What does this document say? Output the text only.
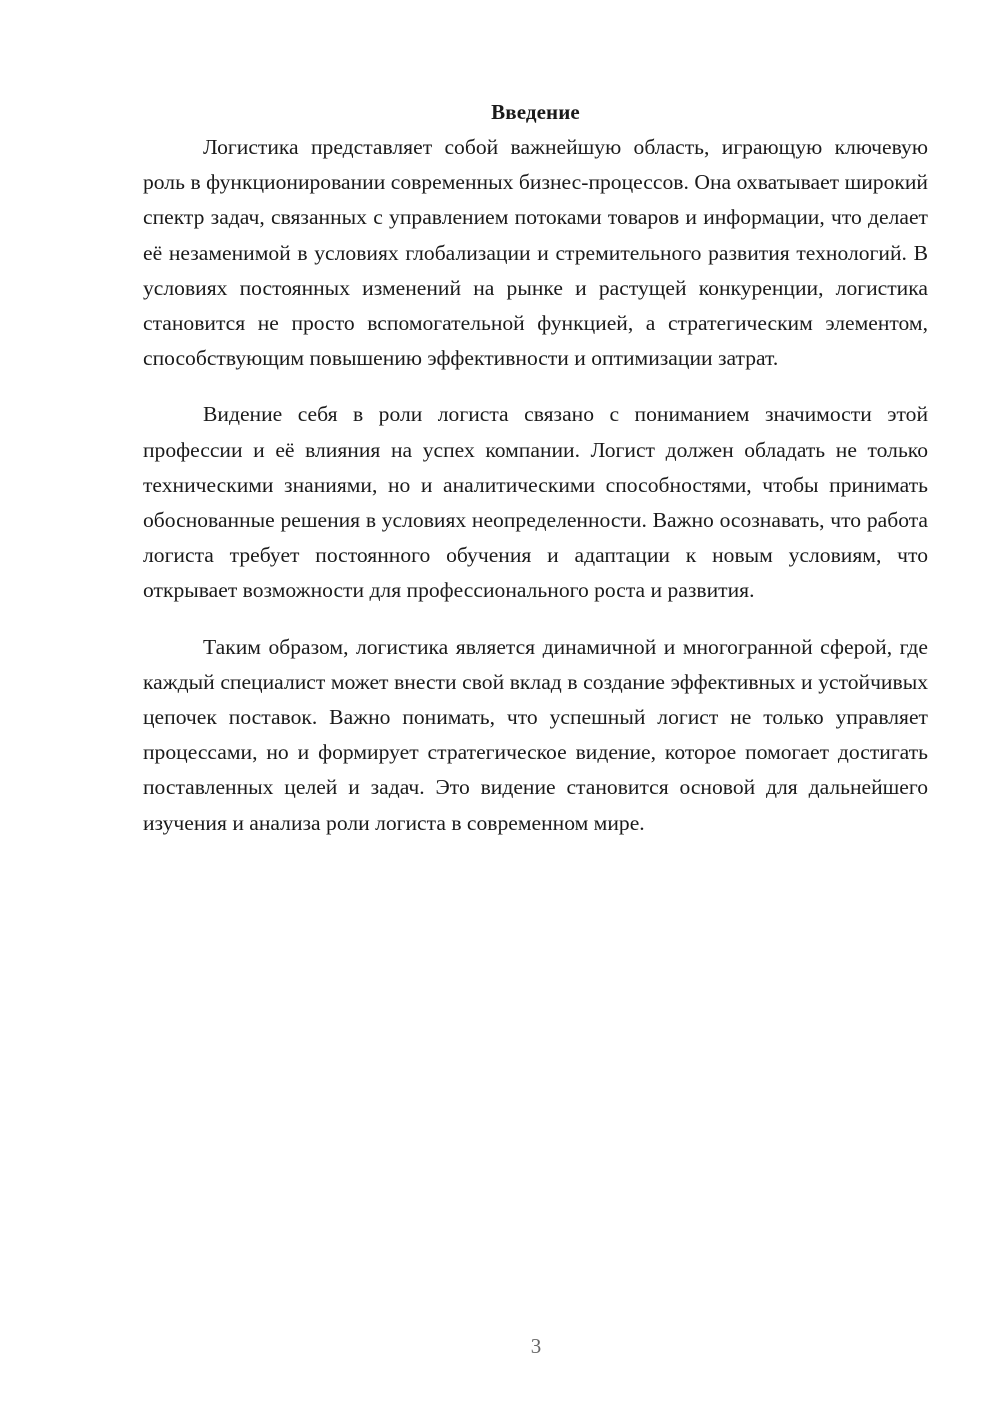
Введение

Логистика представляет собой важнейшую область, играющую ключевую роль в функционировании современных бизнес-процессов. Она охватывает широкий спектр задач, связанных с управлением потоками товаров и информации, что делает её незаменимой в условиях глобализации и стремительного развития технологий. В условиях постоянных изменений на рынке и растущей конкуренции, логистика становится не просто вспомогательной функцией, а стратегическим элементом, способствующим повышению эффективности и оптимизации затрат.

Видение себя в роли логиста связано с пониманием значимости этой профессии и её влияния на успех компании. Логист должен обладать не только техническими знаниями, но и аналитическими способностями, чтобы принимать обоснованные решения в условиях неопределенности. Важно осознавать, что работа логиста требует постоянного обучения и адаптации к новым условиям, что открывает возможности для профессионального роста и развития.

Таким образом, логистика является динамичной и многогранной сферой, где каждый специалист может внести свой вклад в создание эффективных и устойчивых цепочек поставок. Важно понимать, что успешный логист не только управляет процессами, но и формирует стратегическое видение, которое помогает достигать поставленных целей и задач. Это видение становится основой для дальнейшего изучения и анализа роли логиста в современном мире.

3
